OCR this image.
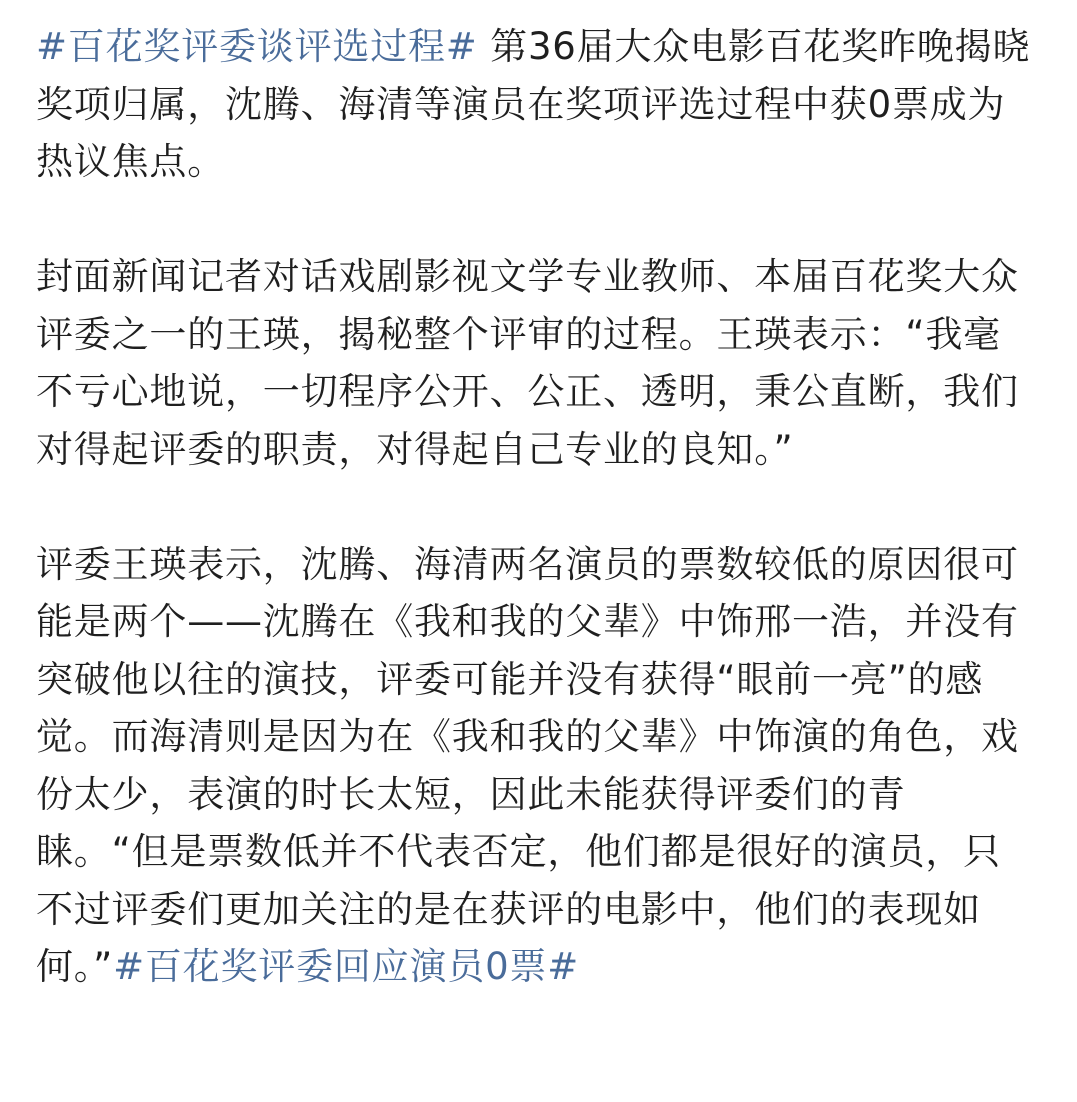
#百花奖评委谈评选过程# 第36届大众电影百花奖昨晚揭晓奖项归属，沈腾、海清等演员在奖项评选过程中获0票成为热议焦点。

封面新闻记者对话戏剧影视文学专业教师、本届百花奖大众评委之一的王瑛，揭秘整个评审的过程。王瑛表示：“我毫不亏心地说，一切程序公开、公正、透明，秉公直断，我们对得起评委的职责，对得起自己专业的良知。”

评委王瑛表示，沈腾、海清两名演员的票数较低的原因很可能是两个——沈腾在《我和我的父辈》中饰邢一浩，并没有突破他以往的演技，评委可能并没有获得“眼前一亮”的感觉。而海清则是因为在《我和我的父辈》中饰演的角色，戏份太少，表演的时长太短，因此未能获得评委们的青睐。“但是票数低并不代表否定，他们都是很好的演员，只不过评委们更加关注的是在获评的电影中，他们的表现如何。”#百花奖评委回应演员0票#
